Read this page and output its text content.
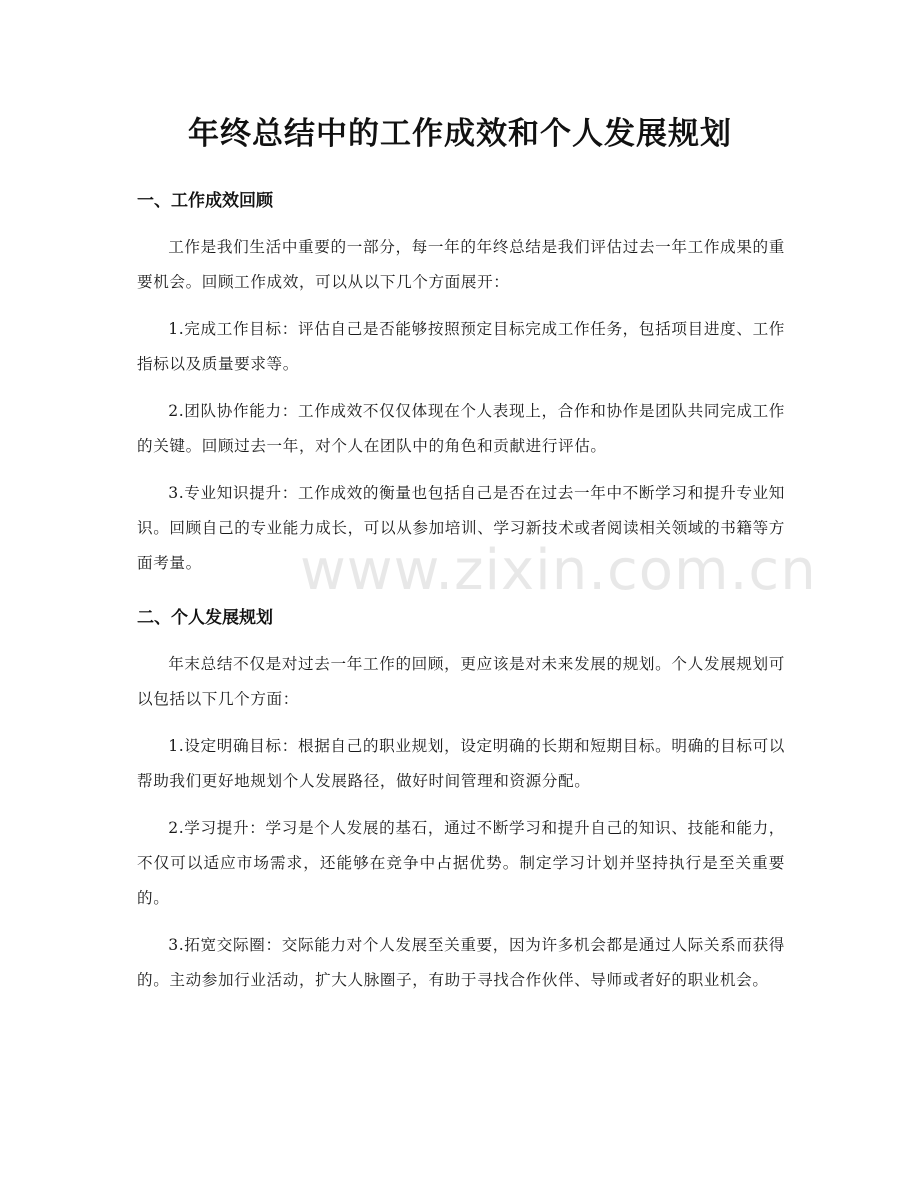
年终总结中的工作成效和个人发展规划
一、工作成效回顾

工作是我们生活中重要的一部分，每一年的年终总结是我们评估过去一年工作成果的重要机会。回顾工作成效，可以从以下几个方面展开：

1.完成工作目标：评估自己是否能够按照预定目标完成工作任务，包括项目进度、工作指标以及质量要求等。

2.团队协作能力：工作成效不仅仅体现在个人表现上，合作和协作是团队共同完成工作的关键。回顾过去一年，对个人在团队中的角色和贡献进行评估。

3.专业知识提升：工作成效的衡量也包括自己是否在过去一年中不断学习和提升专业知识。回顾自己的专业能力成长，可以从参加培训、学习新技术或者阅读相关领域的书籍等方面考量。

二、个人发展规划

年末总结不仅是对过去一年工作的回顾，更应该是对未来发展的规划。个人发展规划可以包括以下几个方面：

1.设定明确目标：根据自己的职业规划，设定明确的长期和短期目标。明确的目标可以帮助我们更好地规划个人发展路径，做好时间管理和资源分配。

2.学习提升：学习是个人发展的基石，通过不断学习和提升自己的知识、技能和能力，不仅可以适应市场需求，还能够在竞争中占据优势。制定学习计划并坚持执行是至关重要的。

3.拓宽交际圈：交际能力对个人发展至关重要，因为许多机会都是通过人际关系而获得的。主动参加行业活动，扩大人脉圈子，有助于寻找合作伙伴、导师或者好的职业机会。

www.zixin.com.cn
